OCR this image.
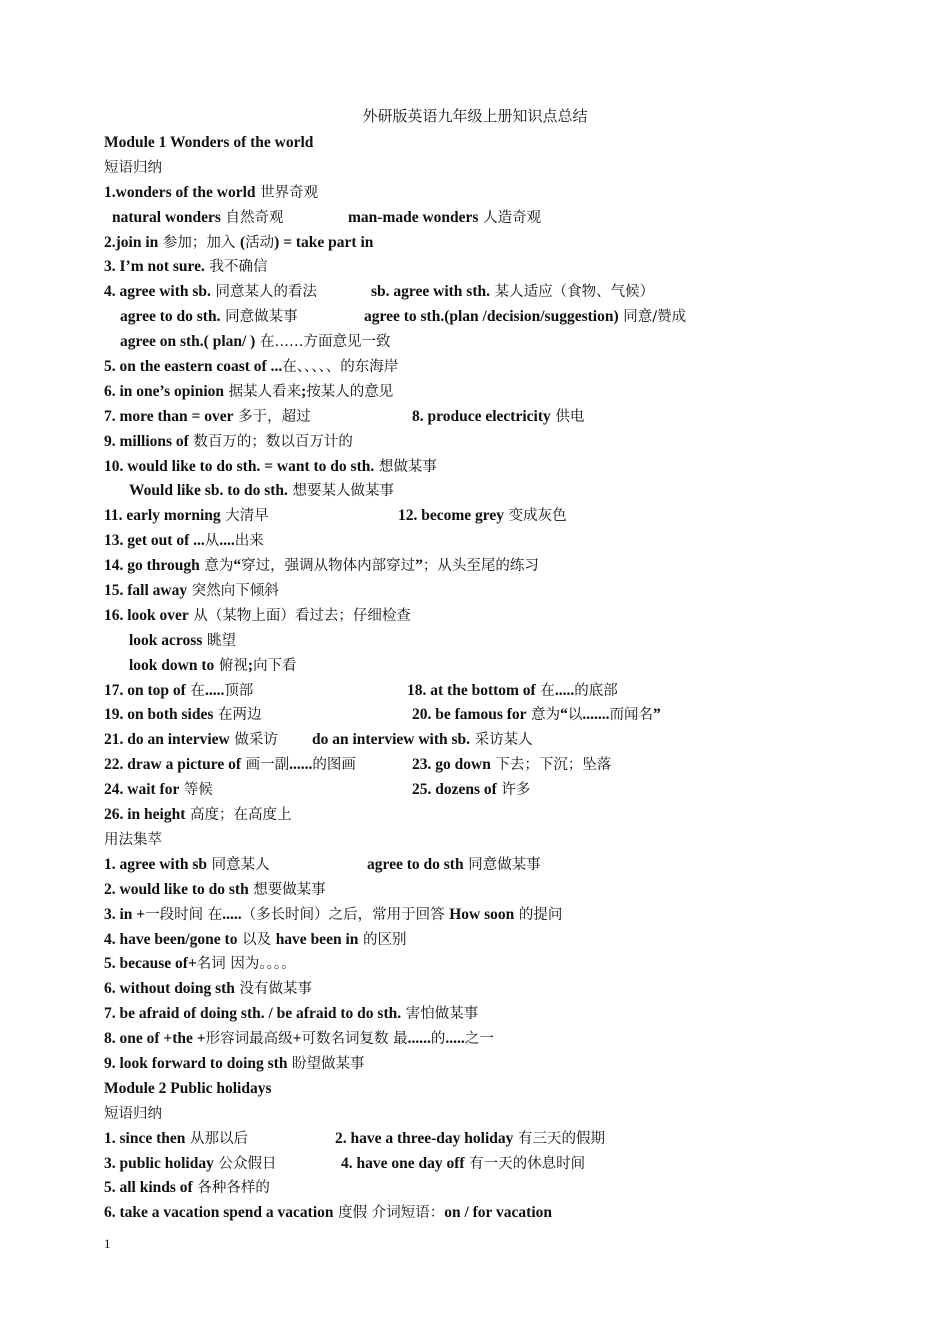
外研版英语九年级上册知识点总结
Module 1 Wonders of the world
短语归纳
1.wonders of the world 世界奇观
natural wonders 自然奇观	man-made wonders 人造奇观
2.join in 参加；加入 (活动) = take part in
3. I’m not sure. 我不确信
4. agree with sb. 同意某人的看法	sb. agree with sth. 某人适应（食物、气候）
agree to do sth. 同意做某事	agree to sth.(plan /decision/suggestion) 同意/赞成
agree on sth.( plan/ ) 在……方面意见一致
5. on the eastern coast of ...在、、、、、的东海岸
6. in one’s opinion 据某人看来;按某人的意见
7. more than = over 多于，超过	8. produce electricity 供电
9. millions of 数百万的；数以百万计的
10. would like to do sth. = want to do sth. 想做某事
Would like sb. to do sth. 想要某人做某事
11. early morning 大清早	12. become grey 变成灰色
13. get out of ...从....出来
14. go through 意为“穿过，强调从物体内部穿过”；从头至尾的练习
15. fall away 突然向下倾斜
16. look over 从（某物上面）看过去；仔细检查
look across 眺望
look down to 俯视;向下看
17. on top of 在.....顶部	18. at the bottom of 在.....的底部
19. on both sides 在两边	20. be famous for 意为“以.......而闻名”
21. do an interview 做采访 do an interview with sb. 采访某人
22. draw a picture of 画一副......的图画	23. go down 下去；下沉；坠落
24. wait for 等候	25. dozens of 许多
26. in height 高度；在高度上
用法集萃
1. agree with sb 同意某人	agree to do sth 同意做某事
2. would like to do sth 想要做某事
3. in +一段时间 在.....（多长时间）之后，常用于回答 How soon 的提问
4. have been/gone to 以及 have been in 的区别
5. because of+名词 因为。。。。
6. without doing sth 没有做某事
7. be afraid of doing sth. / be afraid to do sth. 害怕做某事
8. one of +the +形容词最高级+可数名词复数 最......的.....之一
9. look forward to doing sth 盼望做某事
Module 2 Public holidays
短语归纳
1. since then 从那以后	2. have a three-day holiday 有三天的假期
3. public holiday 公众假日	4. have one day off 有一天的休息时间
5. all kinds of 各种各样的
6. take a vacation spend a vacation 度假 介词短语：on / for vacation
1
